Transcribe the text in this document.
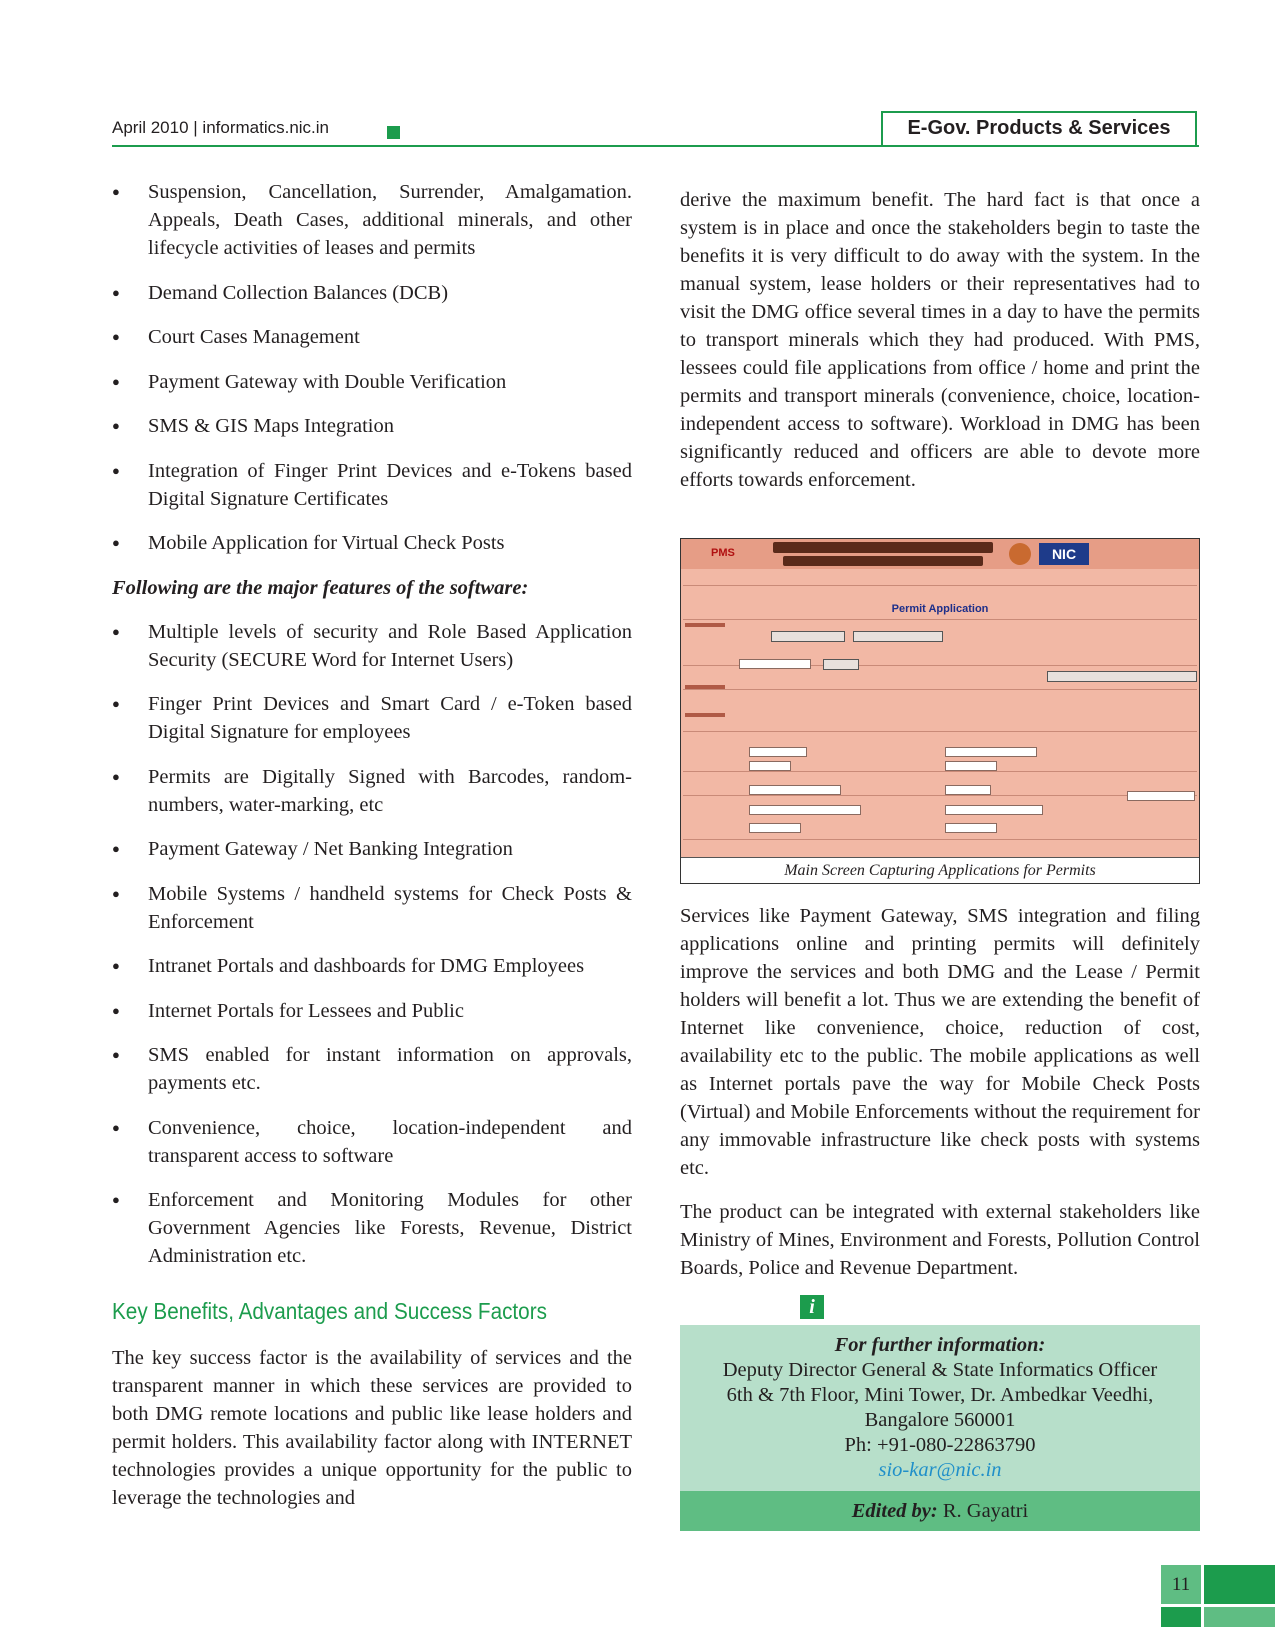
April 2010 | informatics.nic.in	E-Gov. Products & Services
● Suspension, Cancellation, Surrender, Amalgamation. Appeals, Death Cases, additional minerals, and other lifecycle activities of leases and permits
● Demand Collection Balances (DCB)
● Court Cases Management
● Payment Gateway with Double Verification
● SMS & GIS Maps Integration
● Integration of Finger Print Devices and e-Tokens based Digital Signature Certificates
● Mobile Application for Virtual Check Posts

Following are the major features of the software:

● Multiple levels of security and Role Based Application Security (SECURE Word for Internet Users)
● Finger Print Devices and Smart Card / e-Token based Digital Signature for employees
● Permits are Digitally Signed with Barcodes, random-numbers, water-marking, etc
● Payment Gateway / Net Banking Integration
● Mobile Systems / handheld systems for Check Posts & Enforcement
● Intranet Portals and dashboards for DMG Employees
● Internet Portals for Lessees and Public
● SMS enabled for instant information on approvals, payments etc.
● Convenience, choice, location-independent and transparent access to software
● Enforcement and Monitoring Modules for other Government Agencies like Forests, Revenue, District Administration etc.
Key Benefits, Advantages and Success Factors

The key success factor is the availability of services and the transparent manner in which these services are provided to both DMG remote locations and public like lease holders and permit holders. This availability factor along with INTERNET technologies provides a unique opportunity for the public to leverage the technologies and

derive the maximum benefit. The hard fact is that once a system is in place and once the stakeholders begin to taste the benefits it is very difficult to do away with the system. In the manual system, lease holders or their representatives had to visit the DMG office several times in a day to have the permits to transport minerals which they had produced. With PMS, lessees could file applications from office / home and print the permits and transport minerals (convenience, choice, location-independent access to software). Workload in DMG has been significantly reduced and officers are able to devote more efforts towards enforcement.

PMS	NIC
Permit Application
Main Screen Capturing Applications for Permits

Services like Payment Gateway, SMS integration and filing applications online and printing permits will definitely improve the services and both DMG and the Lease / Permit holders will benefit a lot. Thus we are extending the benefit of Internet like convenience, choice, reduction of cost, availability etc to the public. The mobile applications as well as Internet portals pave the way for Mobile Check Posts (Virtual) and Mobile Enforcements without the requirement for any immovable infrastructure like check posts with systems etc.

The product can be integrated with external stakeholders like Ministry of Mines, Environment and Forests, Pollution Control Boards, Police and Revenue Department.

i
For further information:
Deputy Director General & State Informatics Officer
6th & 7th Floor, Mini Tower, Dr. Ambedkar Veedhi,
Bangalore 560001
Ph: +91-080-22863790
sio-kar@nic.in
Edited by: R. Gayatri
11
